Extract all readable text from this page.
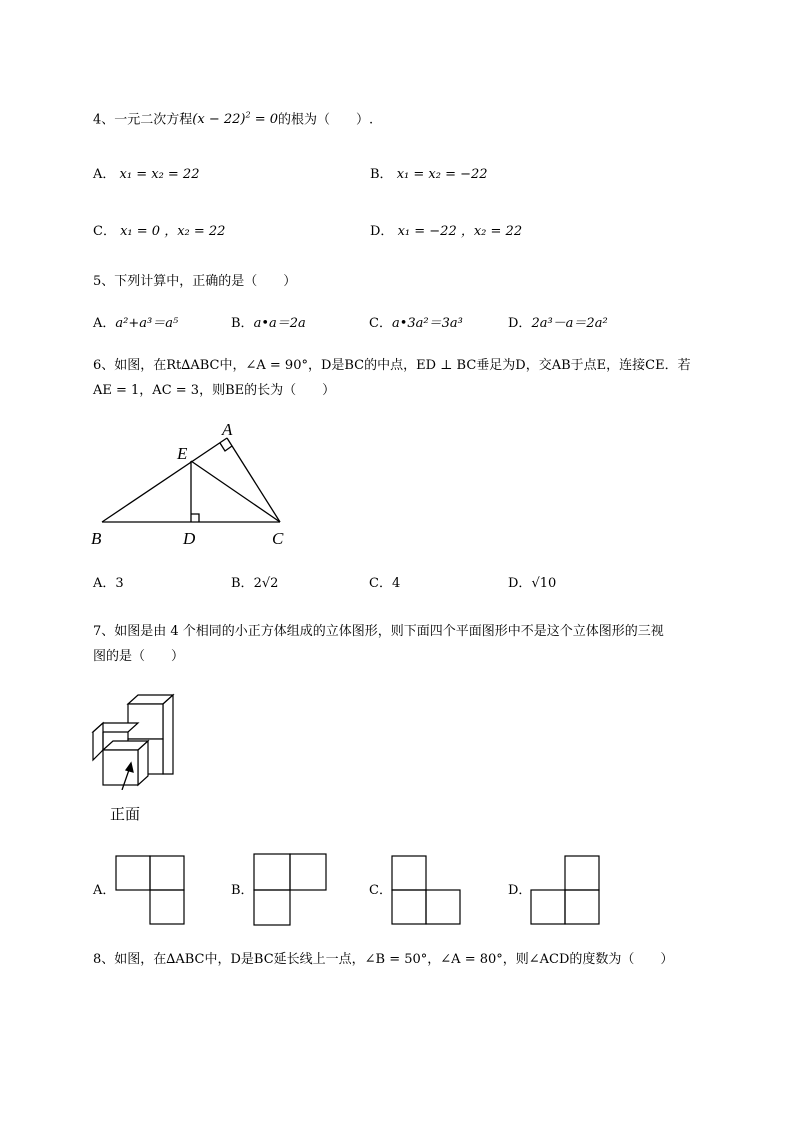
4、一元二次方程$(x - 22)^2 = 0$的根为（　　）.
A． x₁ = x₂ = 22	B． x₁ = x₂ = −22
C． x₁ = 0 ，x₂ = 22	D． x₁ = −22 ，x₂ = 22
5、下列计算中，正确的是（　　）
A．a²+a³＝a⁵	B．a•a＝2a	C．a•3a²＝3a³	D．2a³－a＝2a²
6、如图，在Rt∆ABC中，∠A = 90°，D是BC的中点，ED ⊥ BC垂足为D，交AB于点E，连接CE．若
AE = 1，AC = 3，则BE的长为（　　）
A
E
B	D	C
A．3	B．2√2	C．4	D．√10
7、如图是由 4 个相同的小正方体组成的立体图形，则下面四个平面图形中不是这个立体图形的三视
图的是（　　）
正面
A．	B．	C．	D．
8、如图，在∆ABC中，D是BC延长线上一点，∠B = 50°，∠A = 80°，则∠ACD的度数为（　　）
